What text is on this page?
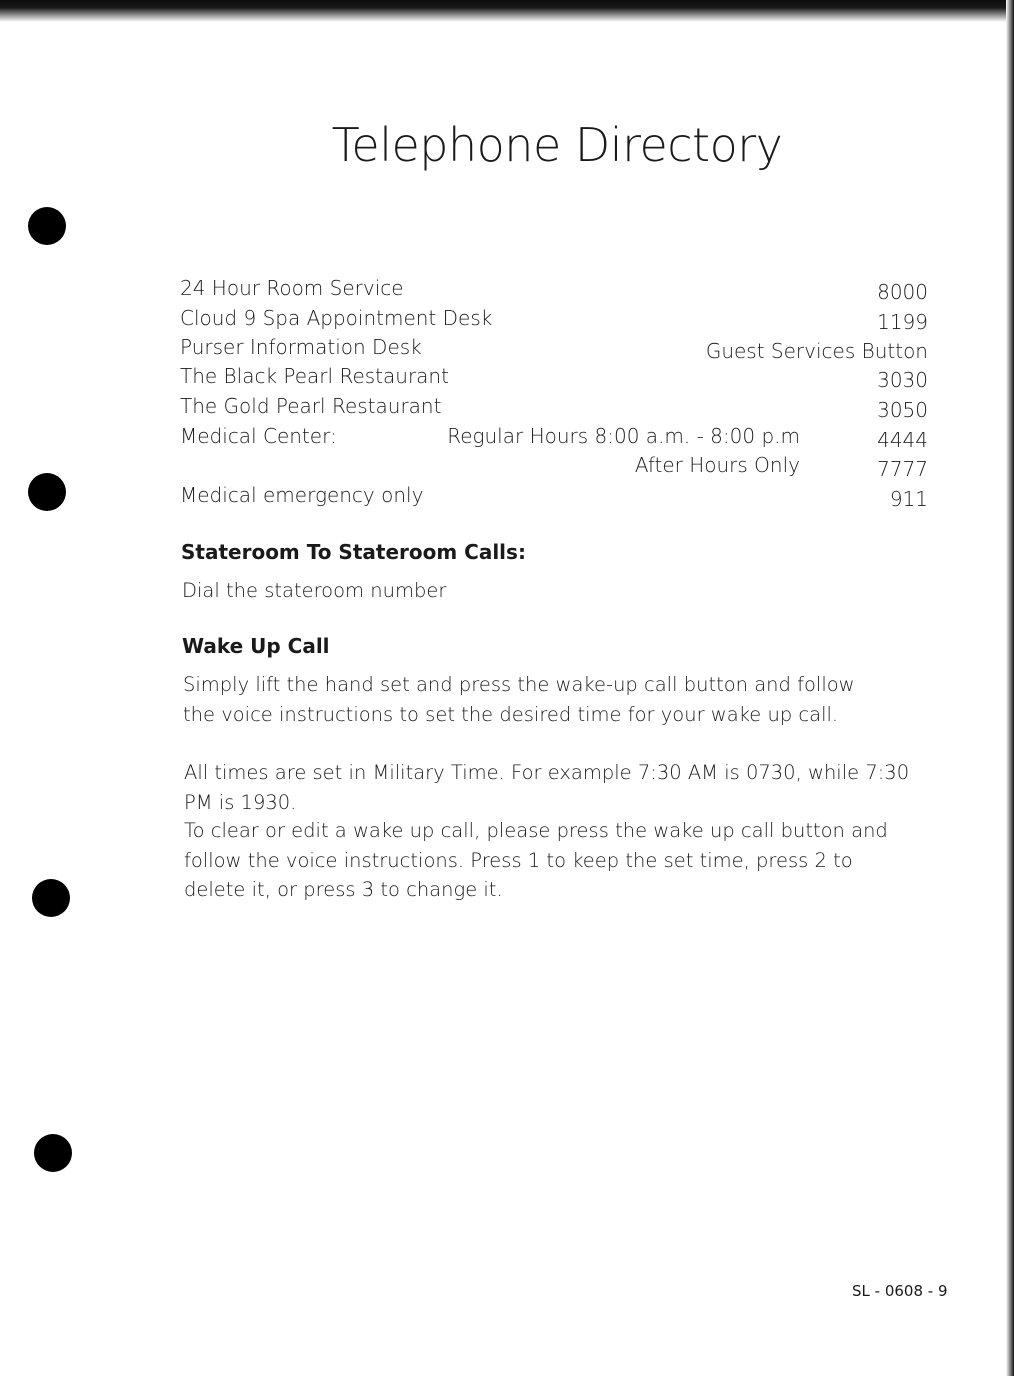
Telephone Directory
24 Hour Room Service	8000
Cloud 9 Spa Appointment Desk	1199
Purser Information Desk	Guest Services Button
The Black Pearl Restaurant	3030
The Gold Pearl Restaurant	3050
Medical Center:	Regular Hours 8:00 a.m. - 8:00 p.m	4444
After Hours Only	7777
Medical emergency only	911
Stateroom To Stateroom Calls:
Dial the stateroom number
Wake Up Call
Simply lift the hand set and press the wake-up call button and follow the voice instructions to set the desired time for your wake up call.
All times are set in Military Time. For example 7:30 AM is 0730, while 7:30 PM is 1930.
To clear or edit a wake up call, please press the wake up call button and follow the voice instructions. Press 1 to keep the set time, press 2 to delete it, or press 3 to change it.
SL - 0608 - 9
